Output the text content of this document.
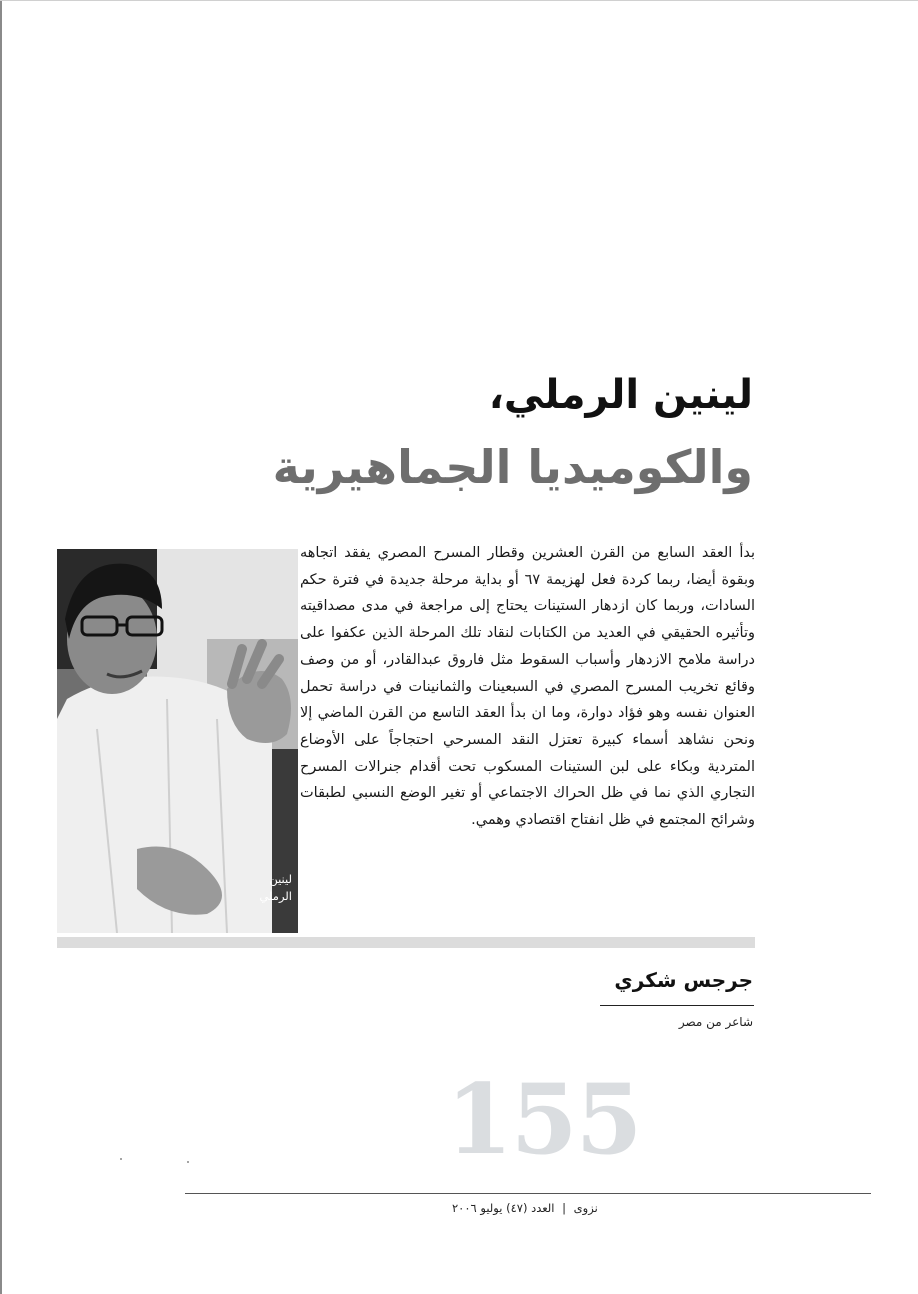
لينين الرملي،
والكوميديا الجماهيرية
لينين
الرملي

بدأ العقد السابع من القرن العشرين وقطار المسرح المصري يفقد اتجاهه وبقوة أيضا، ربما كردة فعل لهزيمة ٦٧ أو بداية مرحلة جديدة في فترة حكم السادات، وربما كان ازدهار الستينات يحتاج إلى مراجعة في مدى مصداقيته وتأثيره الحقيقي في العديد من الكتابات لنقاد تلك المرحلة الذين عكفوا على دراسة ملامح الازدهار وأسباب السقوط مثل فاروق عبدالقادر، أو من وصف وقائع تخريب المسرح المصري في السبعينات والثمانينات في دراسة تحمل العنوان نفسه وهو فؤاد دوارة، وما ان بدأ العقد التاسع من القرن الماضي إلا ونحن نشاهد أسماء كبيرة تعتزل النقد المسرحي احتجاجاً على الأوضاع المتردية وبكاء على لبن الستينات المسكوب تحت أقدام جنرالات المسرح التجاري الذي نما في ظل الحراك الاجتماعي أو تغير الوضع النسبي لطبقات وشرائح المجتمع في ظل انفتاح اقتصادي وهمي.

جرجس شكري
شاعر من مصر
155
نزوى | العدد (٤٧) يوليو ٢٠٠٦
